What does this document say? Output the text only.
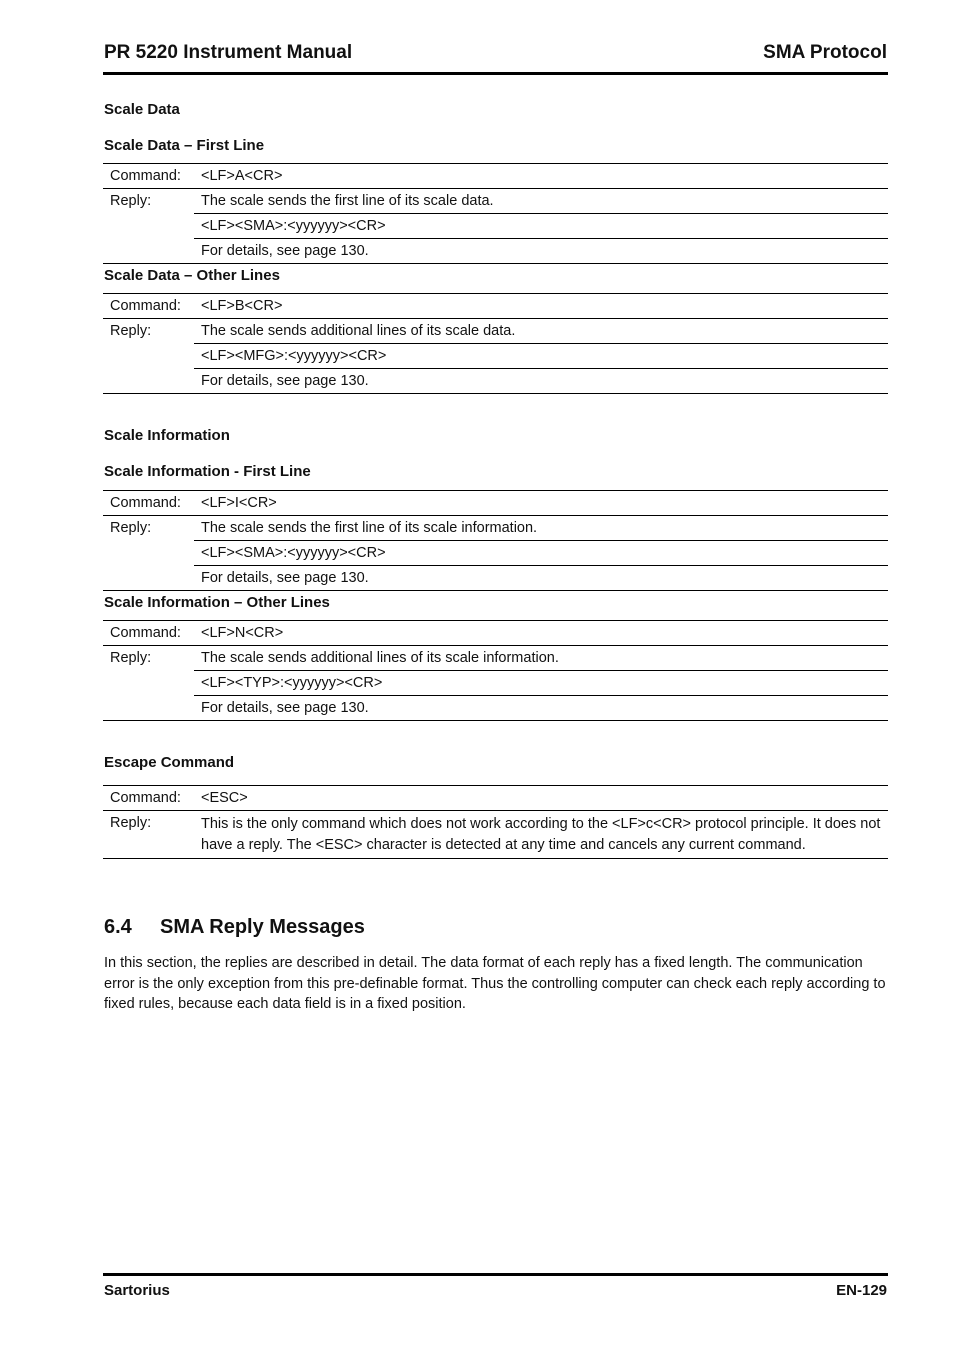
PR 5220 Instrument Manual	SMA Protocol
Scale Data
Scale Data – First Line
Command:	<LF>A<CR>
Reply:	The scale sends the first line of its scale data.
	<LF><SMA>:<yyyyyy><CR>
	For details, see page 130.
Scale Data – Other Lines
Command:	<LF>B<CR>
Reply:	The scale sends additional lines of its scale data.
	<LF><MFG>:<yyyyyy><CR>
	For details, see page 130.
Scale Information
Scale Information - First Line
Command:	<LF>I<CR>
Reply:	The scale sends the first line of its scale information.
	<LF><SMA>:<yyyyyy><CR>
	For details, see page 130.
Scale Information – Other Lines
Command:	<LF>N<CR>
Reply:	The scale sends additional lines of its scale information.
	<LF><TYP>:<yyyyyy><CR>
	For details, see page 130.
Escape Command
Command:	<ESC>
Reply:	This is the only command which does not work according to the <LF>c<CR> protocol principle. It does not have a reply. The <ESC> character is detected at any time and cancels any current command.
6.4 SMA Reply Messages
In this section, the replies are described in detail. The data format of each reply has a fixed length. The communication error is the only exception from this pre-definable format. Thus the controlling computer can check each reply according to fixed rules, because each data field is in a fixed position.
Sartorius	EN-129
